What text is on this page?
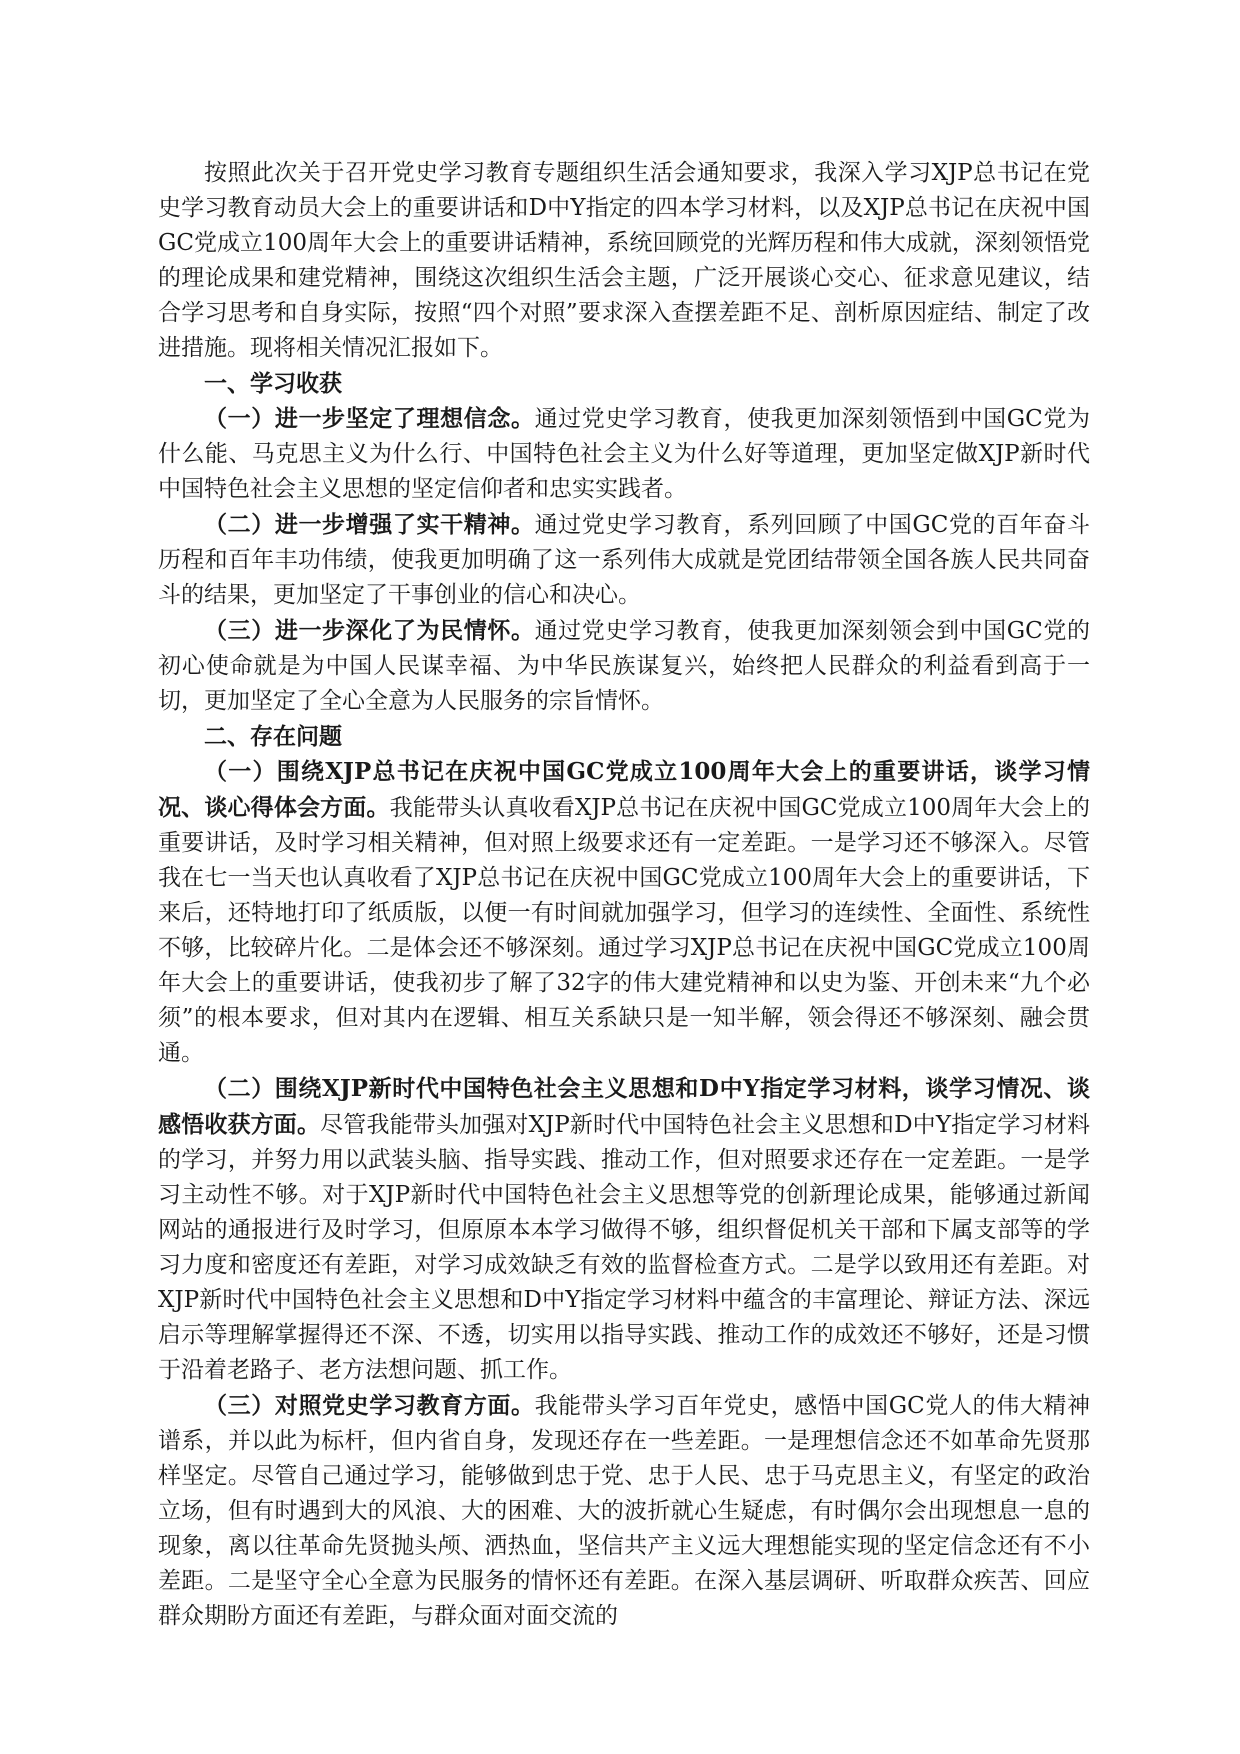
按照此次关于召开党史学习教育专题组织生活会通知要求，我深入学习XJP总书记在党史学习教育动员大会上的重要讲话和D中Y指定的四本学习材料，以及XJP总书记在庆祝中国GC党成立100周年大会上的重要讲话精神，系统回顾党的光辉历程和伟大成就，深刻领悟党的理论成果和建党精神，围绕这次组织生活会主题，广泛开展谈心交心、征求意见建议，结合学习思考和自身实际，按照“四个对照”要求深入查摆差距不足、剖析原因症结、制定了改进措施。现将相关情况汇报如下。

一、学习收获

（一）进一步坚定了理想信念。通过党史学习教育，使我更加深刻领悟到中国GC党为什么能、马克思主义为什么行、中国特色社会主义为什么好等道理，更加坚定做XJP新时代中国特色社会主义思想的坚定信仰者和忠实实践者。

（二）进一步增强了实干精神。通过党史学习教育，系列回顾了中国GC党的百年奋斗历程和百年丰功伟绩，使我更加明确了这一系列伟大成就是党团结带领全国各族人民共同奋斗的结果，更加坚定了干事创业的信心和决心。

（三）进一步深化了为民情怀。通过党史学习教育，使我更加深刻领会到中国GC党的初心使命就是为中国人民谋幸福、为中华民族谋复兴，始终把人民群众的利益看到高于一切，更加坚定了全心全意为人民服务的宗旨情怀。

二、存在问题

（一）围绕XJP总书记在庆祝中国GC党成立100周年大会上的重要讲话，谈学习情况、谈心得体会方面。我能带头认真收看XJP总书记在庆祝中国GC党成立100周年大会上的重要讲话，及时学习相关精神，但对照上级要求还有一定差距。一是学习还不够深入。尽管我在七一当天也认真收看了XJP总书记在庆祝中国GC党成立100周年大会上的重要讲话，下来后，还特地打印了纸质版，以便一有时间就加强学习，但学习的连续性、全面性、系统性不够，比较碎片化。二是体会还不够深刻。通过学习XJP总书记在庆祝中国GC党成立100周年大会上的重要讲话，使我初步了解了32字的伟大建党精神和以史为鉴、开创未来“九个必须”的根本要求，但对其内在逻辑、相互关系缺只是一知半解，领会得还不够深刻、融会贯通。

（二）围绕XJP新时代中国特色社会主义思想和D中Y指定学习材料，谈学习情况、谈感悟收获方面。尽管我能带头加强对XJP新时代中国特色社会主义思想和D中Y指定学习材料的学习，并努力用以武装头脑、指导实践、推动工作，但对照要求还存在一定差距。一是学习主动性不够。对于XJP新时代中国特色社会主义思想等党的创新理论成果，能够通过新闻网站的通报进行及时学习，但原原本本学习做得不够，组织督促机关干部和下属支部等的学习力度和密度还有差距，对学习成效缺乏有效的监督检查方式。二是学以致用还有差距。对XJP新时代中国特色社会主义思想和D中Y指定学习材料中蕴含的丰富理论、辩证方法、深远启示等理解掌握得还不深、不透，切实用以指导实践、推动工作的成效还不够好，还是习惯于沿着老路子、老方法想问题、抓工作。

（三）对照党史学习教育方面。我能带头学习百年党史，感悟中国GC党人的伟大精神谱系，并以此为标杆，但内省自身，发现还存在一些差距。一是理想信念还不如革命先贤那样坚定。尽管自己通过学习，能够做到忠于党、忠于人民、忠于马克思主义，有坚定的政治立场，但有时遇到大的风浪、大的困难、大的波折就心生疑虑，有时偶尔会出现想息一息的现象，离以往革命先贤抛头颅、洒热血，坚信共产主义远大理想能实现的坚定信念还有不小差距。二是坚守全心全意为民服务的情怀还有差距。在深入基层调研、听取群众疾苦、回应群众期盼方面还有差距，与群众面对面交流的
